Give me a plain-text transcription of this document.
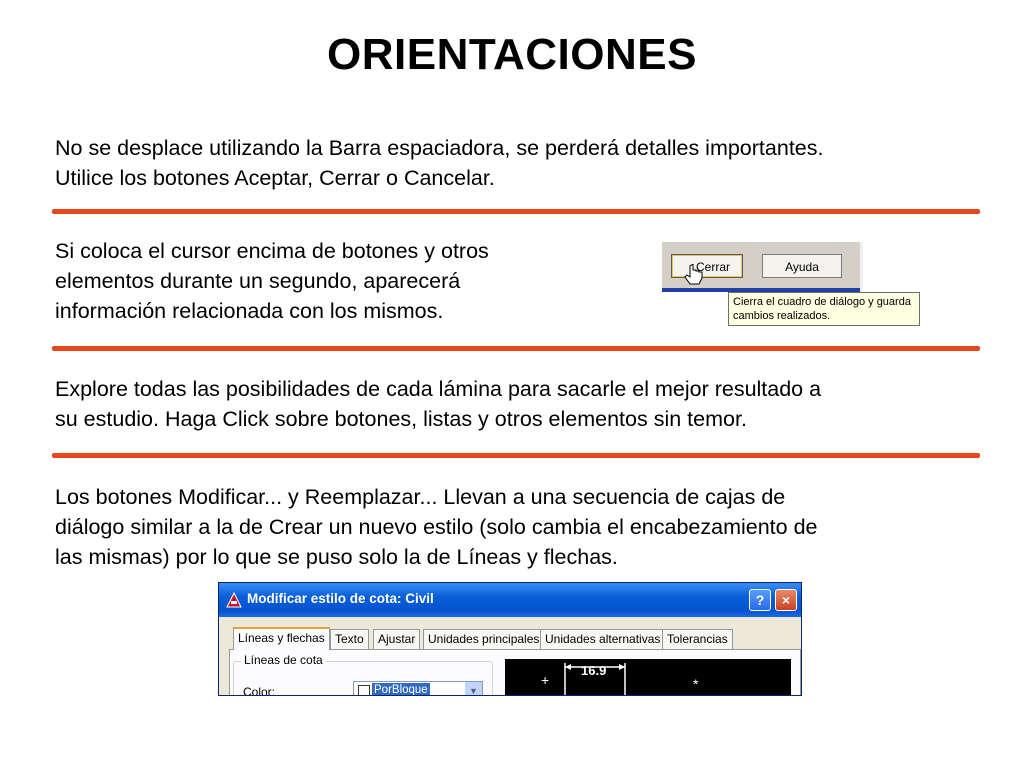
ORIENTACIONES

No se desplace utilizando la Barra espaciadora, se perderá detalles importantes.
Utilice los botones Aceptar, Cerrar o Cancelar.

Si coloca el cursor encima de botones y otros
elementos durante un segundo, aparecerá
información relacionada con los mismos.

Cerrar	Ayuda
Cierra el cuadro de diálogo y guarda
cambios realizados.

Explore todas las posibilidades de cada lámina para sacarle el mejor resultado a
su estudio. Haga Click sobre botones, listas y otros elementos sin temor.

Los botones Modificar... y Reemplazar... Llevan a una secuencia de cajas de
diálogo similar a la de Crear un nuevo estilo (solo cambia el encabezamiento de
las mismas) por lo que se puso solo la de Líneas y flechas.

Modificar estilo de cota: Civil	?	×
Líneas y flechas Texto	Ajustar	Unidades principales Unidades alternativas Tolerancias
Líneas de cota
Color:	PorBloque	▼
+	*
16.9
